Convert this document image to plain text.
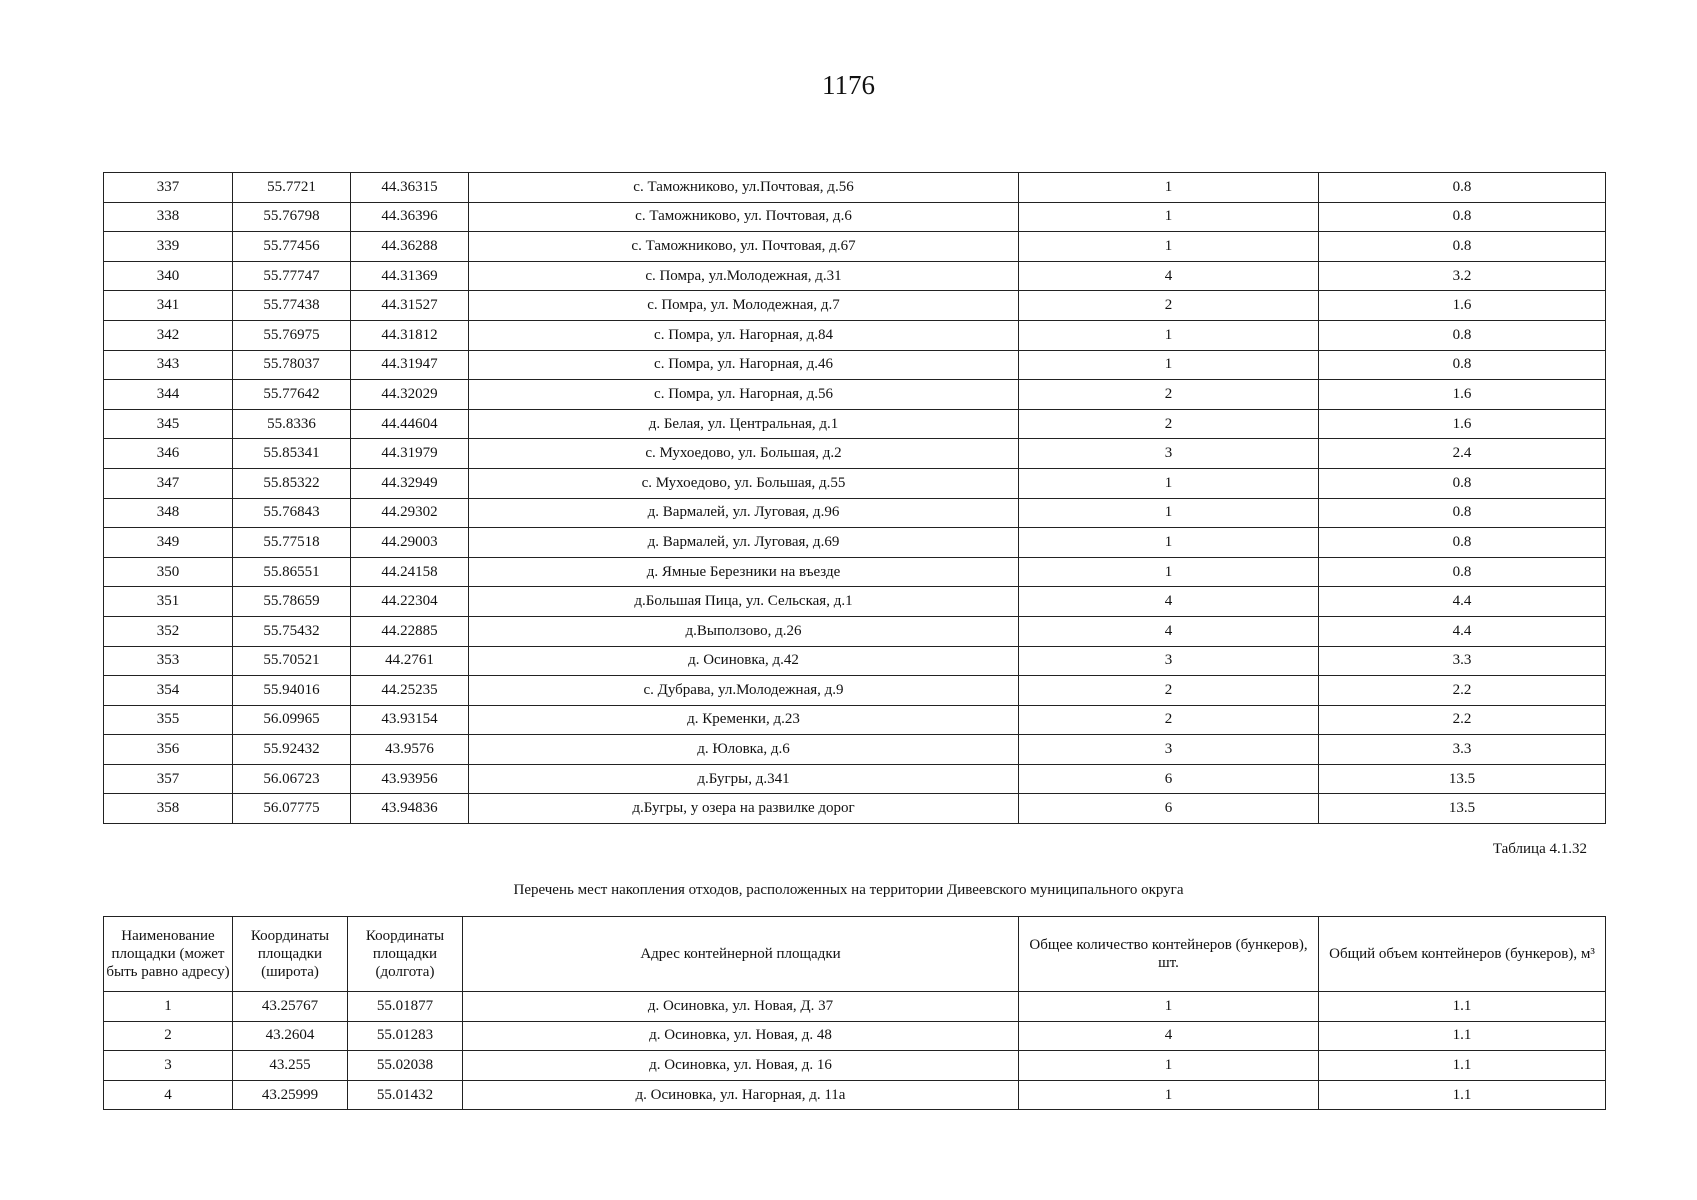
1176
337	55.7721	44.36315	с. Таможниково, ул.Почтовая, д.56	1	0.8
338	55.76798	44.36396	с. Таможниково, ул. Почтовая, д.6	1	0.8
339	55.77456	44.36288	с. Таможниково, ул. Почтовая, д.67	1	0.8
340	55.77747	44.31369	с. Помра, ул.Молодежная, д.31	4	3.2
341	55.77438	44.31527	с. Помра, ул. Молодежная, д.7	2	1.6
342	55.76975	44.31812	с. Помра, ул. Нагорная, д.84	1	0.8
343	55.78037	44.31947	с. Помра, ул. Нагорная, д.46	1	0.8
344	55.77642	44.32029	с. Помра, ул. Нагорная, д.56	2	1.6
345	55.8336	44.44604	д. Белая, ул. Центральная, д.1	2	1.6
346	55.85341	44.31979	с. Мухоедово, ул. Большая, д.2	3	2.4
347	55.85322	44.32949	с. Мухоедово, ул. Большая, д.55	1	0.8
348	55.76843	44.29302	д. Вармалей, ул. Луговая, д.96	1	0.8
349	55.77518	44.29003	д. Вармалей, ул. Луговая, д.69	1	0.8
350	55.86551	44.24158	д. Ямные Березники на въезде	1	0.8
351	55.78659	44.22304	д.Большая Пица, ул. Сельская, д.1	4	4.4
352	55.75432	44.22885	д.Выползово, д.26	4	4.4
353	55.70521	44.2761	д. Осиновка, д.42	3	3.3
354	55.94016	44.25235	с. Дубрава, ул.Молодежная, д.9	2	2.2
355	56.09965	43.93154	д. Кременки, д.23	2	2.2
356	55.92432	43.9576	д. Юловка, д.6	3	3.3
357	56.06723	43.93956	д.Бугры, д.341	6	13.5
358	56.07775	43.94836	д.Бугры, у озера на развилке дорог	6	13.5
Таблица 4.1.32
Перечень мест накопления отходов, расположенных на территории Дивеевского муниципального округа
Наименование площадки (может быть равно адресу)	Координаты площадки (широта)	Координаты площадки (долгота)	Адрес контейнерной площадки	Общее количество контейнеров (бункеров), шт.	Общий объем контейнеров (бункеров), м³
1	43.25767	55.01877	д. Осиновка, ул. Новая, Д. 37	1	1.1
2	43.2604	55.01283	д. Осиновка, ул. Новая, д. 48	4	1.1
3	43.255	55.02038	д. Осиновка, ул. Новая, д. 16	1	1.1
4	43.25999	55.01432	д. Осиновка, ул. Нагорная, д. 11а	1	1.1
